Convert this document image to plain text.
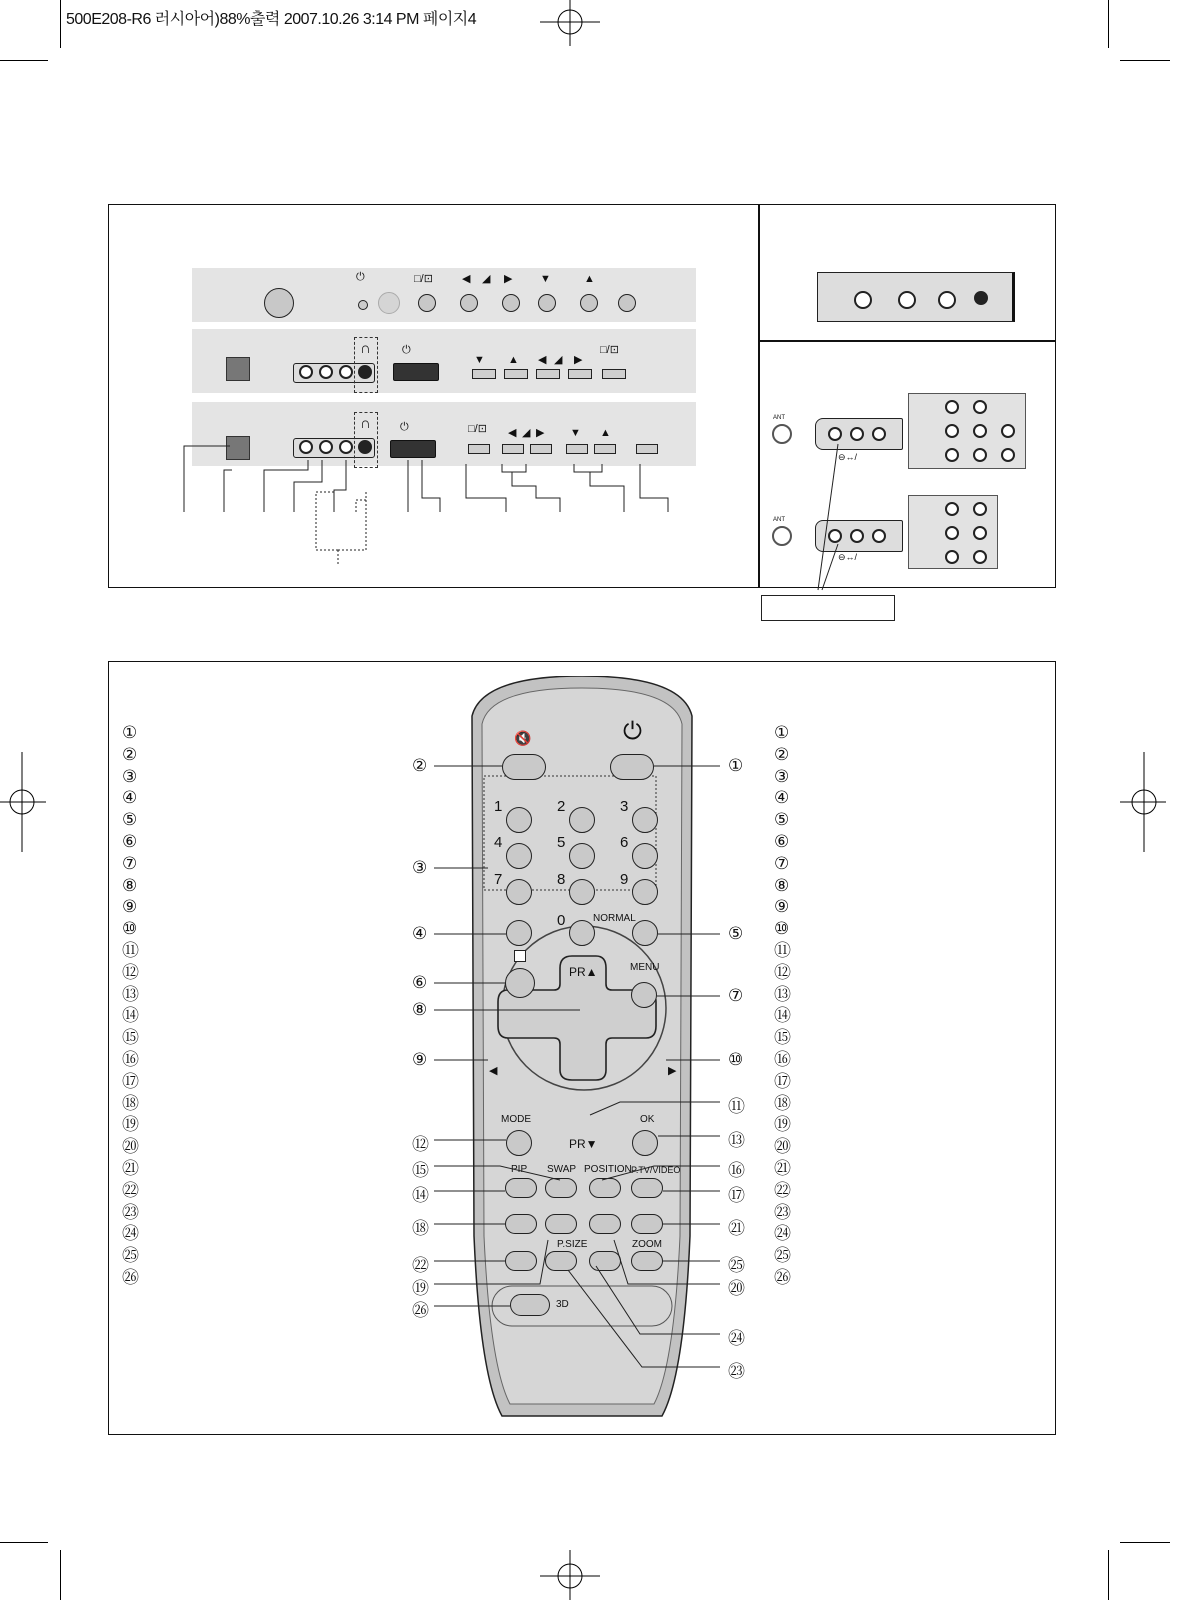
500E208-R6 러시아어)88%출력 2007.10.26 3:14 PM 페이지4
⏻	□/⊡	◀ ◢ ▶	▼	▲
∩	⏻
▼ ▲ ◀ ◢ ▶
□/⊡
∩	⏻	□/⊡ ◀ ◢ ▶ ▼ ▲
ANT
⊖↔/
ANT
⊖↔/
①
②
③
④
⑤
⑥
⑦
⑧
⑨
⑩
⑪
⑫
⑬
⑭
⑮
⑯
⑰
⑱
⑲
⑳
㉑
㉒
㉓
㉔
㉕
㉖
①
②
③
④
⑤
⑥
⑦
⑧
⑨
⑩
⑪
⑫
⑬
⑭
⑮
⑯
⑰
⑱
⑲
⑳
㉑
㉒
㉓
㉔
㉕
㉖
🔇	⏻
1	2	3
4	5	6
7	8	9
0	NORMAL
PR▲	MENU
◀	▶
PR▼
MODE	OK
PIP SWAP POSITION P.TV/VIDEO
P.SIZE	ZOOM
3D
②	①
③
④	⑤
⑥
⑦
⑧
⑨	⑩
⑪
⑫	⑬
⑮	⑯
⑭	⑰
⑱	㉑
㉒	㉕
⑲	⑳
㉖
㉔
㉓
